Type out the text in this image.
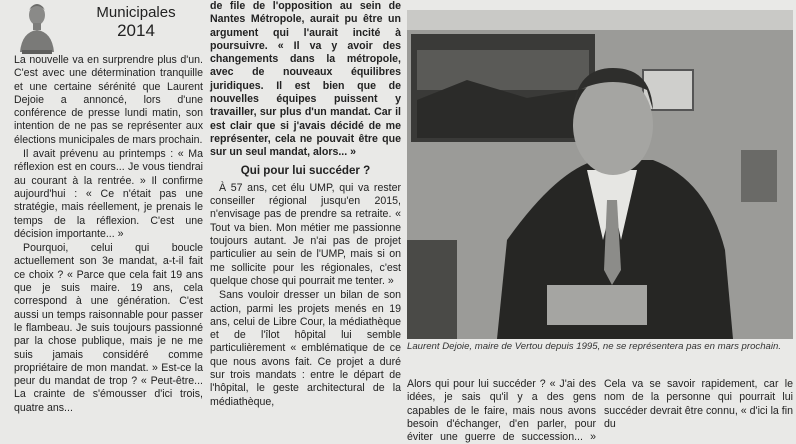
Municipales
2014

La nouvelle va en surprendre plus d'un. C'est avec une détermination tranquille et une certaine sérénité que Laurent Dejoie a annoncé, lors d'une conférence de presse lundi matin, son intention de ne pas se représenter aux élections municipales de mars prochain.

Il avait prévenu au printemps : « Ma réflexion est en cours... Je vous tiendrai au courant à la rentrée. » Il confirme aujourd'hui : « Ce n'était pas une stratégie, mais réellement, je prenais le temps de la réflexion. C'est une décision importante... »

Pourquoi, celui qui boucle actuellement son 3e mandat, a-t-il fait ce choix ? « Parce que cela fait 19 ans que je suis maire. 19 ans, cela correspond à une génération. C'est aussi un temps raisonnable pour passer le flambeau. Je suis toujours passionné par la chose publique, mais je ne me suis jamais considéré comme propriétaire de mon mandat. » Est-ce la peur du mandat de trop ? « Peut-être... La crainte de s'émousser d'ici trois, quatre ans...

de file de l'opposition au sein de Nantes Métropole, aurait pu être un argument qui l'aurait incité à poursuivre. « Il va y avoir des changements dans la métropole, avec de nouveaux équilibres juridiques. Il est bien que de nouvelles équipes puissent y travailler, sur plus d'un mandat. Car il est clair que si j'avais décidé de me représenter, cela ne pouvait être que sur un seul mandat, alors... »

Qui pour lui succéder ?

À 57 ans, cet élu UMP, qui va rester conseiller régional jusqu'en 2015, n'envisage pas de prendre sa retraite. « Tout va bien. Mon métier me passionne toujours autant. Je n'ai pas de projet particulier au sein de l'UMP, mais si on me sollicite pour les régionales, c'est quelque chose qui pourrait me tenter. »

Sans vouloir dresser un bilan de son action, parmi les projets menés en 19 ans, celui de Libre Cour, la médiathèque et de l'îlot hôpital lui semble particulièrement « emblématique de ce que nous avons fait. Ce projet a duré sur trois mandats : entre le départ de l'hôpital, le geste architectural de la médiathèque,

Laurent Dejoie, maire de Vertou depuis 1995, ne se représentera pas en mars prochain.

Alors qui pour lui succéder ? « J'ai des idées, je sais qu'il y a des gens capables de le faire, mais nous avons besoin d'échanger, d'en parler, pour éviter une guerre de succession... » Cela va se savoir rapidement, car le nom de la personne qui pourrait lui succéder devrait être connu, « d'ici la fin du
